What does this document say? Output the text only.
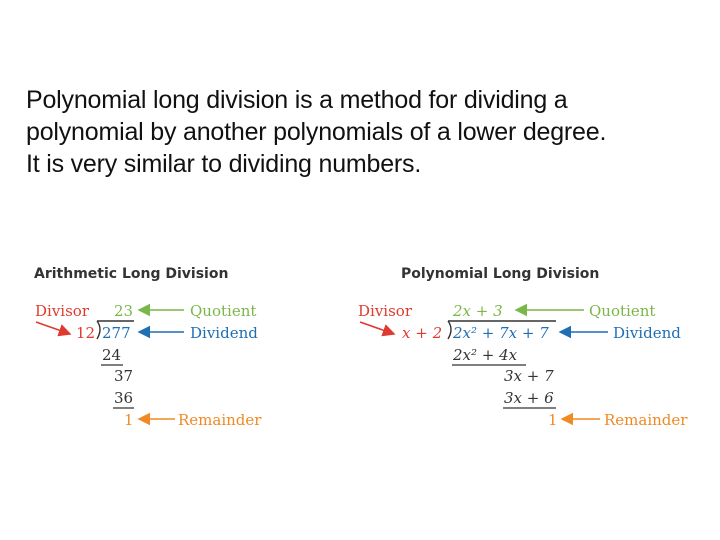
Polynomial long division is a method for dividing a
polynomial by another polynomials of a lower degree.
It is very similar to dividing numbers.
Arithmetic Long Division
Divisor 23	Quotient
12 277	Dividend
24
37
36
1	Remainder
Polynomial Long Division
Divisor	2x + 3	Quotient
x + 2 2x² + 7x + 7	Dividend
2x² + 4x
3x + 7
3x + 6
1	Remainder
